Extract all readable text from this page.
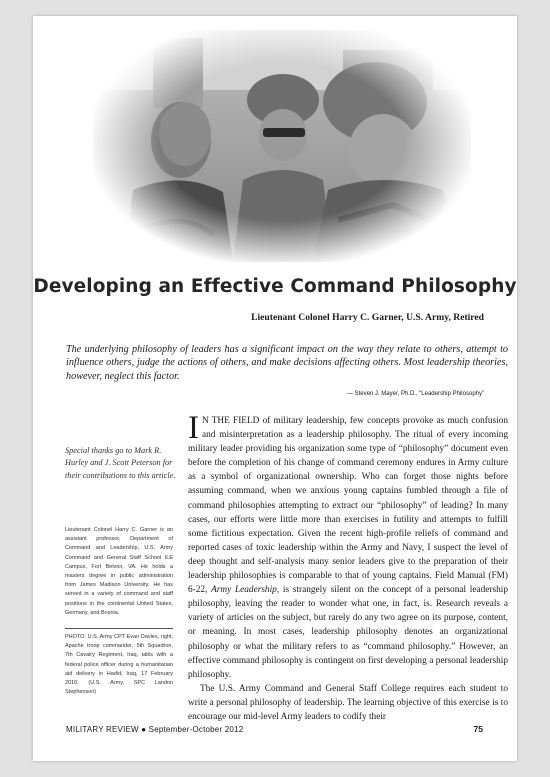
Developing an Effective Command Philosophy
Lieutenant Colonel Harry C. Garner, U.S. Army, Retired
The underlying philosophy of leaders has a significant impact on the way they relate to others, attempt to influence others, judge the actions of others, and make decisions affecting others. Most leadership theories, however, neglect this factor.
— Steven J. Mayer, Ph.D., “Leadership Philosophy”
Special thanks go to Mark R. Hurley and J. Scott Peterson for their contributions to this article.
Lieutenant Colonel Harry C. Garner is an assistant professor, Department of Command and Leadership, U.S. Army Command and General Staff School ILE Campus, Fort Belvoir, VA. He holds a masters degree in public administration from James Madison University. He has served in a variety of command and staff positions in the continental United States, Germany, and Bosnia.
PHOTO: U.S. Army CPT Evan Davies, right, Apache troop commander, 5th Squadron, 7th Cavalry Regiment, Iraq, talks with a federal police officer during a humanitarian aid delivery in Hadid, Iraq, 17 February 2010. (U.S. Army, SPC Landon Stephenson)

I N THE FIELD of military leadership, few concepts provoke as much confusion and misinterpretation as a leadership philosophy. The ritual of every incoming military leader providing his organization some type of “philosophy” document even before the completion of his change of command ceremony endures in Army culture as a symbol of organizational ownership. Who can forget those nights before assuming command, when we anxious young captains fumbled through a file of command philosophies attempting to extract our “philosophy” of leading? In many cases, our efforts were little more than exercises in futility and attempts to fulfill some fictitious expectation. Given the recent high-profile reliefs of command and reported cases of toxic leadership within the Army and Navy, I suspect the level of deep thought and self-analysis many senior leaders give to the preparation of their leadership philosophies is comparable to that of young captains. Field Manual (FM) 6-22, Army Leadership, is strangely silent on the concept of a personal leadership philosophy, leaving the reader to wonder what one, in fact, is. Research reveals a variety of articles on the subject, but rarely do any two agree on its purpose, content, or meaning. In most cases, leadership philosophy denotes an organizational philosophy or what the military refers to as “command philosophy.” However, an effective command philosophy is contingent on first developing a personal leadership philosophy.

The U.S. Army Command and General Staff College requires each student to write a personal philosophy of leadership. The learning objective of this exercise is to encourage our mid-level Army leaders to codify their

MILITARY REVIEW ● September-October 2012	75
